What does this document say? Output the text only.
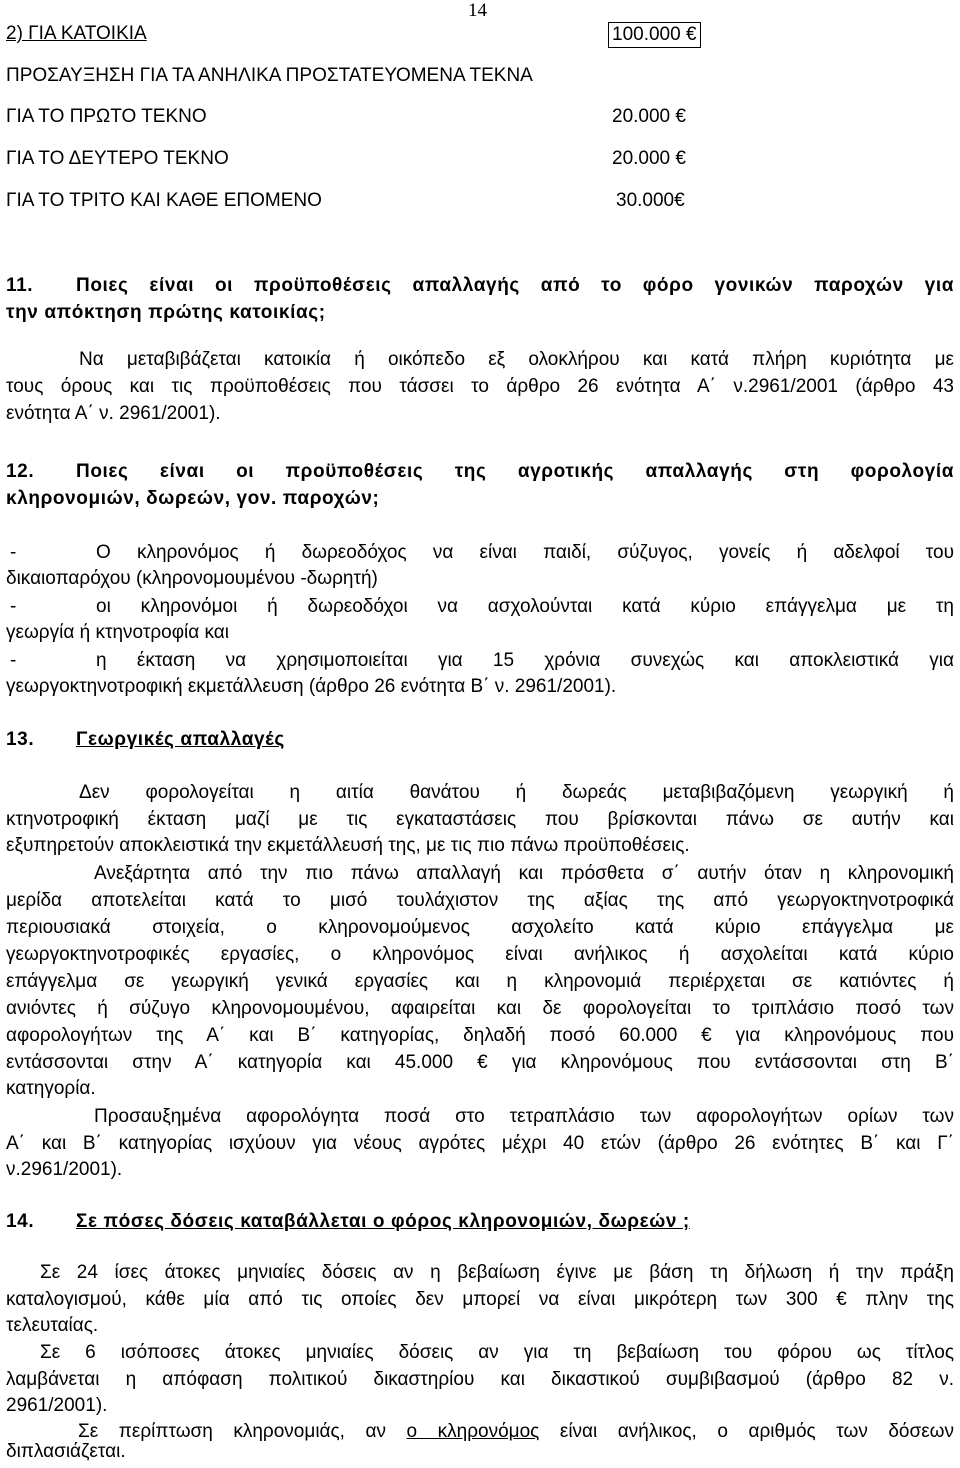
14
2) ΓΙΑ ΚΑΤΟΙΚΙΑ	100.000 €
ΠΡΟΣΑΥΞΗΣΗ ΓΙΑ ΤΑ ΑΝΗΛΙΚΑ ΠΡΟΣΤΑΤΕΥΟΜΕΝΑ ΤΕΚΝΑ
ΓΙΑ ΤΟ ΠΡΩΤΟ ΤΕΚΝΟ	20.000 €
ΓΙΑ ΤΟ ΔΕΥΤΕΡΟ ΤΕΚΝΟ	20.000 €
ΓΙΑ ΤΟ ΤΡΙΤΟ ΚΑΙ ΚΑΘΕ ΕΠΟΜΕΝΟ	30.000€
11. Ποιες είναι οι προϋποθέσεις απαλλαγής από το φόρο γονικών παροχών για
την απόκτηση πρώτης κατοικίας;
Να μεταβιβάζεται κατοικία ή οικόπεδο εξ ολοκλήρου και κατά πλήρη κυριότητα με
τους όρους και τις προϋποθέσεις που τάσσει το άρθρο 26 ενότητα Α΄ ν.2961/2001 (άρθρο 43
ενότητα Α΄ ν. 2961/2001).
12. Ποιες είναι οι προϋποθέσεις της αγροτικής απαλλαγής στη φορολογία
κληρονομιών, δωρεών, γον. παροχών;
-	Ο κληρονόμος ή δωρεοδόχος να είναι παιδί, σύζυγος, γονείς ή αδελφοί του
δικαιοπαρόχου (κληρονομουμένου -δωρητή)
-	οι κληρονόμοι ή δωρεοδόχοι να ασχολούνται κατά κύριο επάγγελμα με τη
γεωργία ή κτηνοτροφία και
-	η έκταση να χρησιμοποιείται για 15 χρόνια συνεχώς και αποκλειστικά για
γεωργοκτηνοτροφική εκμετάλλευση (άρθρο 26 ενότητα Β΄ ν. 2961/2001).
13. Γεωργικές απαλλαγές
Δεν φορολογείται η αιτία θανάτου ή δωρεάς μεταβιβαζόμενη γεωργική ή
κτηνοτροφική έκταση μαζί με τις εγκαταστάσεις που βρίσκονται πάνω σε αυτήν και
εξυπηρετούν αποκλειστικά την εκμετάλλευσή της, με τις πιο πάνω προϋποθέσεις.
Ανεξάρτητα από την πιο πάνω απαλλαγή και πρόσθετα σ΄ αυτήν όταν η κληρονομική
μερίδα αποτελείται κατά το μισό τουλάχιστον της αξίας της από γεωργοκτηνοτροφικά
περιουσιακά στοιχεία, ο κληρονομούμενος ασχολείτο κατά κύριο επάγγελμα με
γεωργοκτηνοτροφικές εργασίες, ο κληρονόμος είναι ανήλικος ή ασχολείται κατά κύριο
επάγγελμα σε γεωργική γενικά εργασίες και η κληρονομιά περιέρχεται σε κατιόντες ή
ανιόντες ή σύζυγο κληρονομουμένου, αφαιρείται και δε φορολογείται το τριπλάσιο ποσό των
αφορολογήτων της Α΄ και Β΄ κατηγορίας, δηλαδή ποσό 60.000 € για κληρονόμους που
εντάσσονται στην Α΄ κατηγορία και 45.000 € για κληρονόμους που εντάσσονται στη Β΄
κατηγορία.
Προσαυξημένα αφορολόγητα ποσά στο τετραπλάσιο των αφορολογήτων ορίων των
Α΄ και Β΄ κατηγορίας ισχύουν για νέους αγρότες μέχρι 40 ετών (άρθρο 26 ενότητες Β΄ και Γ΄
ν.2961/2001).
14. Σε πόσες δόσεις καταβάλλεται ο φόρος κληρονομιών, δωρεών ;
Σε 24 ίσες άτοκες μηνιαίες δόσεις αν η βεβαίωση έγινε με βάση τη δήλωση ή την πράξη
καταλογισμού, κάθε μία από τις οποίες δεν μπορεί να είναι μικρότερη των 300 € πλην της
τελευταίας.
Σε 6 ισόποσες άτοκες μηνιαίες δόσεις αν για τη βεβαίωση του φόρου ως τίτλος
λαμβάνεται η απόφαση πολιτικού δικαστηρίου και δικαστικού συμβιβασμού (άρθρο 82 ν.
2961/2001).
Σε περίπτωση κληρονομιάς, αν ο κληρονόμος είναι ανήλικος, ο αριθμός των δόσεων
διπλασιάζεται.
